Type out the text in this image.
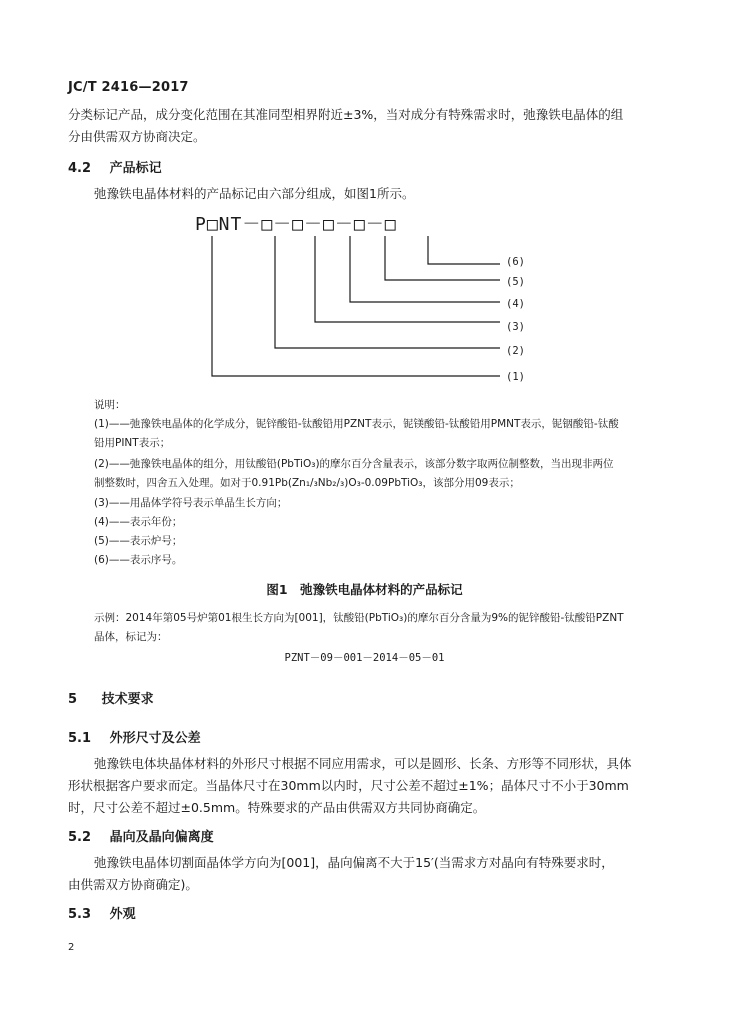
JC/T 2416—2017

分类标记产品，成分变化范围在其准同型相界附近±3%，当对成分有特殊需求时，弛豫铁电晶体的组

分由供需双方协商决定。

4.2 产品标记

弛豫铁电晶体材料的产品标记由六部分组成，如图1所示。

P□NT－□－□－□－□－□
(6)
(5)
(4)
(3)
(2)
(1)
说明：
(1)——弛豫铁电晶体的化学成分，铌锌酸铅-钛酸铅用PZNT表示，铌镁酸铅-钛酸铅用PMNT表示，铌铟酸铅-钛酸
铅用PINT表示；
(2)——弛豫铁电晶体的组分，用钛酸铅(PbTiO₃)的摩尔百分含量表示，该部分数字取两位制整数，当出现非两位
制整数时，四舍五入处理。如对于0.91Pb(Zn₁/₃Nb₂/₃)O₃-0.09PbTiO₃，该部分用09表示；
(3)——用晶体学符号表示单晶生长方向；
(4)——表示年份；
(5)——表示炉号；
(6)——表示序号。
图1　弛豫铁电晶体材料的产品标记
示例：2014年第05号炉第01根生长方向为[001]，钛酸铅(PbTiO₃)的摩尔百分含量为9%的铌锌酸铅-钛酸铅PZNT
晶体，标记为：
PZNT－09－001－2014－05－01
5 技术要求
5.1 外形尺寸及公差

弛豫铁电体块晶体材料的外形尺寸根据不同应用需求，可以是圆形、长条、方形等不同形状，具体

形状根据客户要求而定。当晶体尺寸在30mm以内时，尺寸公差不超过±1%；晶体尺寸不小于30mm

时，尺寸公差不超过±0.5mm。特殊要求的产品由供需双方共同协商确定。

5.2 晶向及晶向偏离度

弛豫铁电晶体切割面晶体学方向为[001]，晶向偏离不大于15′(当需求方对晶向有特殊要求时，

由供需双方协商确定)。

5.3 外观
2
